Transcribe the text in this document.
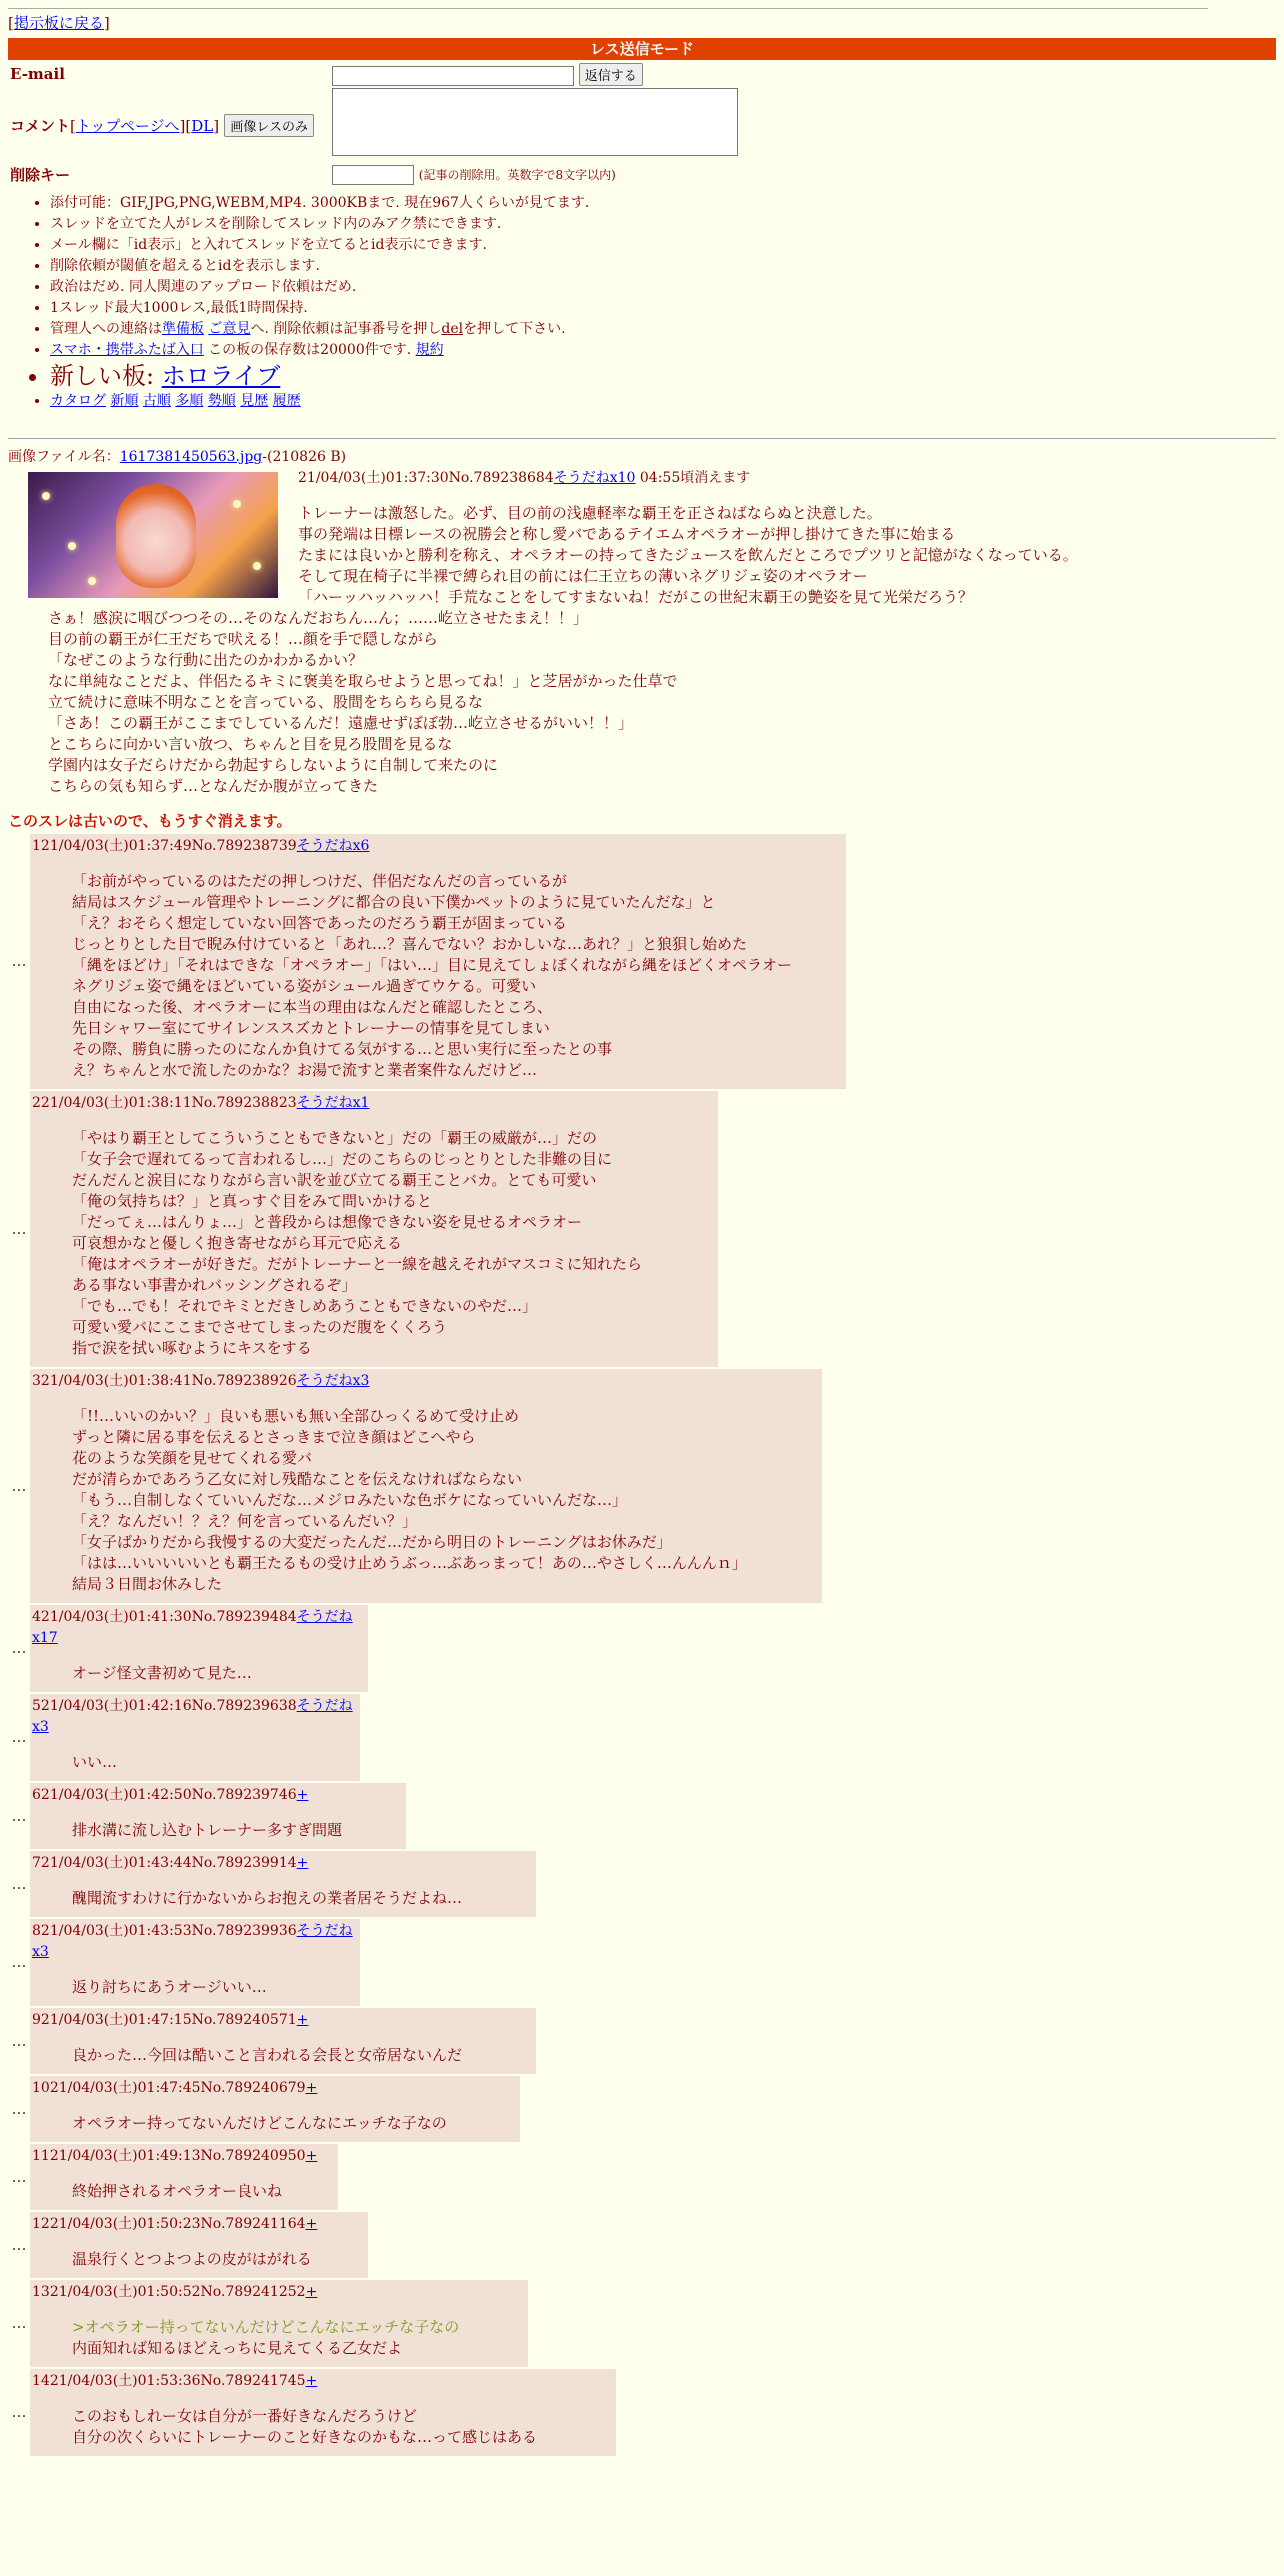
[掲示板に戻る]
レス送信モード
E-mail	返信する
コメント[トップページへ][DL] 画像レスのみ	
削除キー	(記事の削除用。英数字で8文字以内)
• 添付可能：GIF,JPG,PNG,WEBM,MP4. 3000KBまで. 現在967人くらいが見てます.
• スレッドを立てた人がレスを削除してスレッド内のみアク禁にできます.
• メール欄に「id表示」と入れてスレッドを立てるとid表示にできます.
• 削除依頼が閾値を超えるとidを表示します.
• 政治はだめ. 同人関連のアップロード依頼はだめ.
• 1スレッド最大1000レス,最低1時間保持.
• 管理人への連絡は準備板 ご意見へ. 削除依頼は記事番号を押しdelを押して下さい.
• スマホ・携帯ふたば入口 この板の保存数は20000件です. 規約
• 新しい板: ホロライブ
• カタログ 新順 古順 多順 勢順 見歴 履歴
画像ファイル名：1617381450563.jpg-(210826 B)
21/04/03(土)01:37:30No.789238684そうだねx10 04:55頃消えます
トレーナーは激怒した。必ず、目の前の浅慮軽率な覇王を正さねばならぬと決意した。
事の発端は日標レースの祝勝会と称し愛バであるテイエムオペラオーが押し掛けてきた事に始まる
たまには良いかと勝利を称え、オペラオーの持ってきたジュースを飲んだところでプツリと記憶がなくなっている。
そして現在椅子に半裸で縛られ目の前には仁王立ちの薄いネグリジェ姿のオペラオー
「ハーッハッハッハ！手荒なことをしてすまないね！だがこの世紀末覇王の艶姿を見て光栄だろう？
さぁ！感涙に咽びつつその…そのなんだおちん…ん；……屹立させたまえ！！」
目の前の覇王が仁王だちで吠える！…顔を手で隠しながら
「なぜこのような行動に出たのかわかるかい？
なに単純なことだよ、伴侶たるキミに褒美を取らせようと思ってね！」と芝居がかった仕草で
立て続けに意味不明なことを言っている、股間をちらちら見るな
「さあ！この覇王がここまでしているんだ！遠慮せずぼぼ勃…屹立させるがいい！！」
とこちらに向かい言い放つ、ちゃんと目を見ろ股間を見るな
学園内は女子だらけだから勃起すらしないように自制して来たのに
こちらの気も知らず…となんだか腹が立ってきた
このスレは古いので、もうすぐ消えます。
…
121/04/03(土)01:37:49No.789238739そうだねx6
「お前がやっているのはただの押しつけだ、伴侶だなんだの言っているが
結局はスケジュール管理やトレーニングに都合の良い下僕かペットのように見ていたんだな」と
「え？おそらく想定していない回答であったのだろう覇王が固まっている
じっとりとした目で睨み付けていると「あれ…？喜んでない？おかしいな…あれ？」と狼狽し始めた
「縄をほどけ」「それはできな「オペラオー」「はい…」目に見えてしょぼくれながら縄をほどくオペラオー
ネグリジェ姿で縄をほどいている姿がシュール過ぎてウケる。可愛い
自由になった後、オペラオーに本当の理由はなんだと確認したところ、
先日シャワー室にてサイレンススズカとトレーナーの情事を見てしまい
その際、勝負に勝ったのになんか負けてる気がする…と思い実行に至ったとの事
え？ちゃんと水で流したのかな？お湯で流すと業者案件なんだけど…
…
221/04/03(土)01:38:11No.789238823そうだねx1
「やはり覇王としてこういうこともできないと」だの「覇王の威厳が…」だの
「女子会で遅れてるって言われるし…」だのこちらのじっとりとした非難の目に
だんだんと涙目になりながら言い訳を並び立てる覇王ことバカ。とても可愛い
「俺の気持ちは？」と真っすぐ目をみて問いかけると
「だってぇ…はんりょ…」と普段からは想像できない姿を見せるオペラオー
可哀想かなと優しく抱き寄せながら耳元で応える
「俺はオペラオーが好きだ。だがトレーナーと一線を越えそれがマスコミに知れたら
ある事ない事書かれバッシングされるぞ」
「でも…でも！それでキミとだきしめあうこともできないのやだ…」
可愛い愛バにここまでさせてしまったのだ腹をくくろう
指で涙を拭い啄むようにキスをする
…
321/04/03(土)01:38:41No.789238926そうだねx3
「!!…いいのかい？」良いも悪いも無い全部ひっくるめて受け止め
ずっと隣に居る事を伝えるとさっきまで泣き顔はどこへやら
花のような笑顔を見せてくれる愛バ
だが清らかであろう乙女に対し残酷なことを伝えなければならない
「もう…自制しなくていいんだな…メジロみたいな色ボケになっていいんだな…」
「え？なんだい！？え？何を言っているんだい？」
「女子ばかりだから我慢するの大変だったんだ…だから明日のトレーニングはお休みだ」
「はは…いいいいいとも覇王たるもの受け止めうぶっ…ぶあっまって！あの…やさしく…んんんｎ」
結局３日間お休みした
…
421/04/03(土)01:41:30No.789239484そうだねx17
オージ怪文書初めて見た…
…
521/04/03(土)01:42:16No.789239638そうだねx3
いい…
…
621/04/03(土)01:42:50No.789239746+
排水溝に流し込むトレーナー多すぎ問題
…
721/04/03(土)01:43:44No.789239914+
醜聞流すわけに行かないからお抱えの業者居そうだよね…
…
821/04/03(土)01:43:53No.789239936そうだねx3
返り討ちにあうオージいい…
…
921/04/03(土)01:47:15No.789240571+
良かった…今回は酷いこと言われる会長と女帝居ないんだ
…
1021/04/03(土)01:47:45No.789240679+
オペラオー持ってないんだけどこんなにエッチな子なの
…
1121/04/03(土)01:49:13No.789240950+
終始押されるオペラオー良いね
…
1221/04/03(土)01:50:23No.789241164+
温泉行くとつよつよの皮がはがれる
…
1321/04/03(土)01:50:52No.789241252+
>オペラオー持ってないんだけどこんなにエッチな子なの
内面知れば知るほどえっちに見えてくる乙女だよ
…
1421/04/03(土)01:53:36No.789241745+
このおもしれー女は自分が一番好きなんだろうけど
自分の次くらいにトレーナーのこと好きなのかもな…って感じはある
